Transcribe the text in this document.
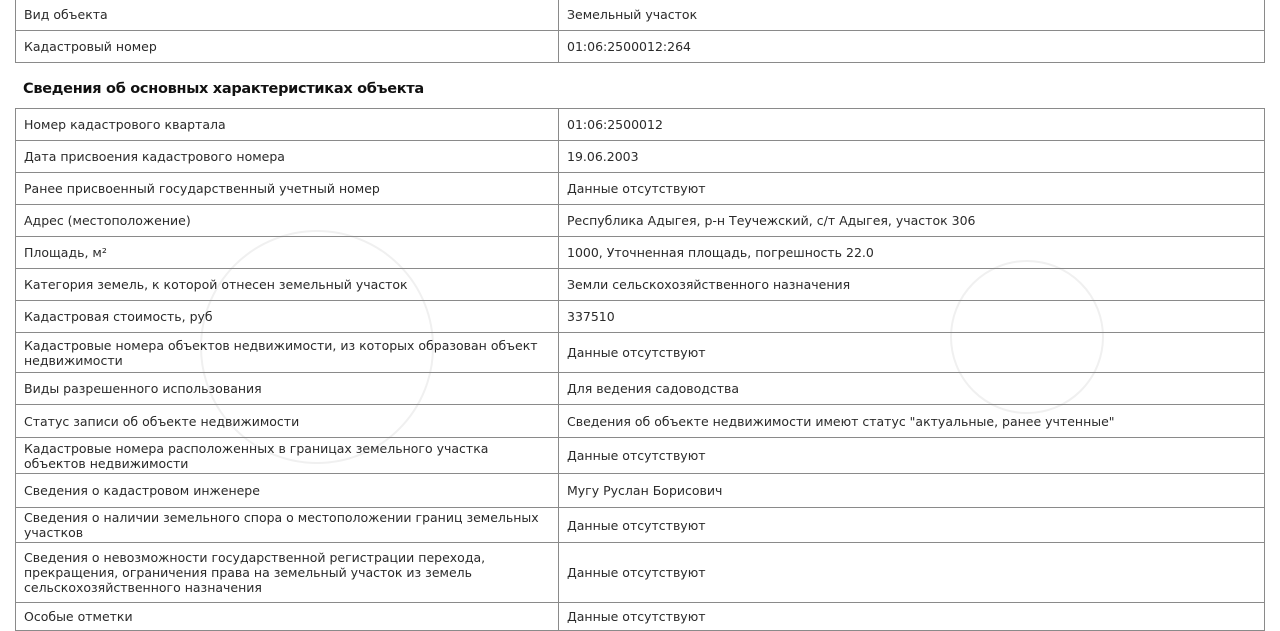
Вид объекта	Земельный участок
Кадастровый номер	01:06:2500012:264
Сведения об основных характеристиках объекта
Номер кадастрового квартала	01:06:2500012
Дата присвоения кадастрового номера	19.06.2003
Ранее присвоенный государственный учетный номер	Данные отсутствуют
Адрес (местоположение)	Республика Адыгея, р-н Теучежский, с/т Адыгея, участок 306
Площадь, м²	1000, Уточненная площадь, погрешность 22.0
Категория земель, к которой отнесен земельный участок	Земли сельскохозяйственного назначения
Кадастровая стоимость, руб	337510
Кадастровые номера объектов недвижимости, из которых образован объект недвижимости	Данные отсутствуют
Виды разрешенного использования	Для ведения садоводства
Статус записи об объекте недвижимости	Сведения об объекте недвижимости имеют статус "актуальные, ранее учтенные"
Кадастровые номера расположенных в границах земельного участка объектов недвижимости	Данные отсутствуют
Сведения о кадастровом инженере	Мугу Руслан Борисович
Сведения о наличии земельного спора о местоположении границ земельных участков	Данные отсутствуют
Сведения о невозможности государственной регистрации перехода, прекращения, ограничения права на земельный участок из земель сельскохозяйственного назначения	Данные отсутствуют
Особые отметки	Данные отсутствуют
